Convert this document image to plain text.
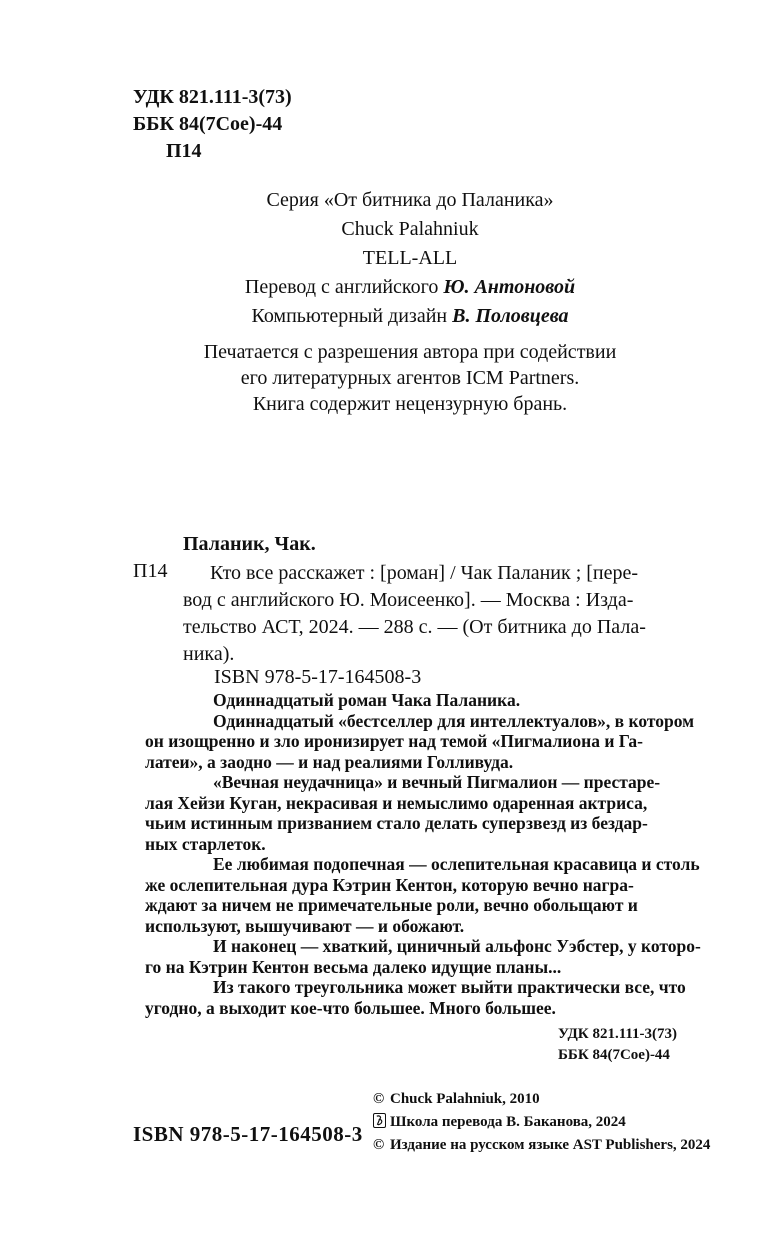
УДК 821.111-3(73)
ББК 84(7Сое)-44
П14
Серия «От битника до Паланика»
Chuck Palahniuk
TELL-ALL
Перевод с английского Ю. Антоновой
Компьютерный дизайн В. Половцева
Печатается с разрешения автора при содействии
его литературных агентов ICM Partners.
Книга содержит нецензурную брань.
Паланик, Чак.
П14	Кто все расскажет : [роман] / Чак Паланик ; [пере-
вод с английского Ю. Моисеенко]. — Москва : Изда-
тельство АСТ, 2024. — 288 с. — (От битника до Пала-
ника).
ISBN 978-5-17-164508-3
Одиннадцатый роман Чака Паланика.
Одиннадцатый «бестселлер для интеллектуалов», в котором
он изощренно и зло иронизирует над темой «Пигмалиона и Га-
латеи», а заодно — и над реалиями Голливуда.
«Вечная неудачница» и вечный Пигмалион — престаре-
лая Хейзи Куган, некрасивая и немыслимо одаренная актриса,
чьим истинным призванием стало делать суперзвезд из бездар-
ных старлеток.
Ее любимая подопечная — ослепительная красавица и столь
же ослепительная дура Кэтрин Кентон, которую вечно награ-
ждают за ничем не примечательные роли, вечно обольщают и
используют, вышучивают — и обожают.
И наконец — хваткий, циничный альфонс Уэбстер, у которо-
го на Кэтрин Кентон весьма далеко идущие планы...
Из такого треугольника может выйти практически все, что
угодно, а выходит кое-что большее. Много большее.
УДК 821.111-3(73)
ББК 84(7Сое)-44
© Chuck Palahniuk, 2010
Школа перевода В. Баканова, 2024
© Издание на русском языке AST Publishers, 2024
ISBN 978-5-17-164508-3
